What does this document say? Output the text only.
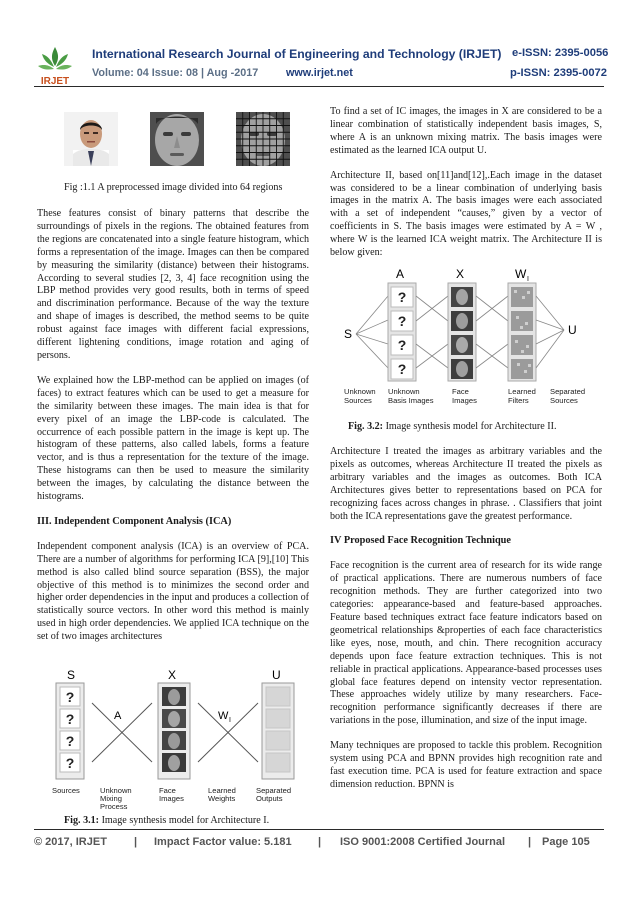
IRJET
International Research Journal of Engineering and Technology (IRJET) e-ISSN: 2395-0056
Volume: 04 Issue: 08 | Aug -2017	www.irjet.net	p-ISSN: 2395-0072
Fig :1.1 A preprocessed image divided into 64 regions

These features consist of binary patterns that describe the surroundings of pixels in the regions. The obtained features from the regions are concatenated into a single feature histogram, which forms a representation of the image. Images can then be compared by measuring the similarity (distance) between their histograms. According to several studies [2, 3, 4] face recognition using the LBP method provides very good results, both in terms of speed and discrimination performance. Because of the way the texture and shape of images is described, the method seems to be quite robust against face images with different facial expressions, different lightening conditions, image rotation and aging of persons.

We explained how the LBP-method can be applied on images (of faces) to extract features which can be used to get a measure for the similarity between these images. The main idea is that for every pixel of an image the LBP-code is calculated. The occurrence of each possible pattern in the image is kept up. The histogram of these patterns, also called labels, forms a feature vector, and is thus a representation for the texture of the image. These histograms can then be used to measure the similarity between the images, by calculating the distance between the histograms.

III. Independent Component Analysis (ICA)

Independent component analysis (ICA) is an overview of PCA. There are a number of algorithms for performing ICA [9],[10] This method is also called blind source separation (BSS), the major objective of this method is to minimizes the second order and higher order dependencies in the input and produces a collection of statistically source vectors. In other word this method is mainly used in high order dependencies. We applied ICA technique on the set of two images architectures

S	X	U
?
?
?
?
A	W I
Sources	Unknown
Mixing
Process
Face
Images
Learned
Weights
Separated
Outputs
Fig. 3.1: Image synthesis model for Architecture I.

To find a set of IC images, the images in X are considered to be a linear combination of statistically independent basis images, S, where A is an unknown mixing matrix. The basis images were estimated as the learned ICA output U.

Architecture II, based on[11]and[12],.Each image in the dataset was considered to be a linear combination of underlying basis images in the matrix A. The basis images were each associated with a set of independent “causes,” given by a vector of coefficients in S. The basis images were estimated by A = W , where W is the learned ICA weight matrix. The Architecture II is below given:

A	X	W I
S	U
?
?
?
?
Unknown
Sources
Unknown
Basis Images
Face
Images
Learned
Filters
Separated
Sources
Fig. 3.2: Image synthesis model for Architecture II.

Architecture I treated the images as arbitrary variables and the pixels as outcomes, whereas Architecture II treated the pixels as arbitrary variables and the images as outcomes. Both ICA Architectures gives better to representations based on PCA for recognizing faces across changes in phrase. . Classifiers that joint both the ICA representations gave the greatest performance.

IV Proposed Face Recognition Technique

Face recognition is the current area of research for its wide range of practical applications. There are numerous numbers of face recognition methods. They are further categorized into two categories: appearance-based and feature-based approaches. Feature based techniques extract face feature indicators based on geometrical relationships &properties of each face characteristics like eyes, nose, mouth, and chin. There recognition accuracy depends upon face feature extraction techniques. This is not reliable in practical applications. Appearance-based processes uses global face features depend on intensity vector representation. These approaches widely utilize by many researchers. Face-recognition performance significantly decreases if there are variations in the pose, illumination, and size of the input image.

Many techniques are proposed to tackle this problem. Recognition system using PCA and BPNN provides high recognition rate and fast execution time. PCA is used for feature extraction and space dimension reduction. BPNN is

© 2017, IRJET | Impact Factor value: 5.181 | ISO 9001:2008 Certified Journal | Page 105
